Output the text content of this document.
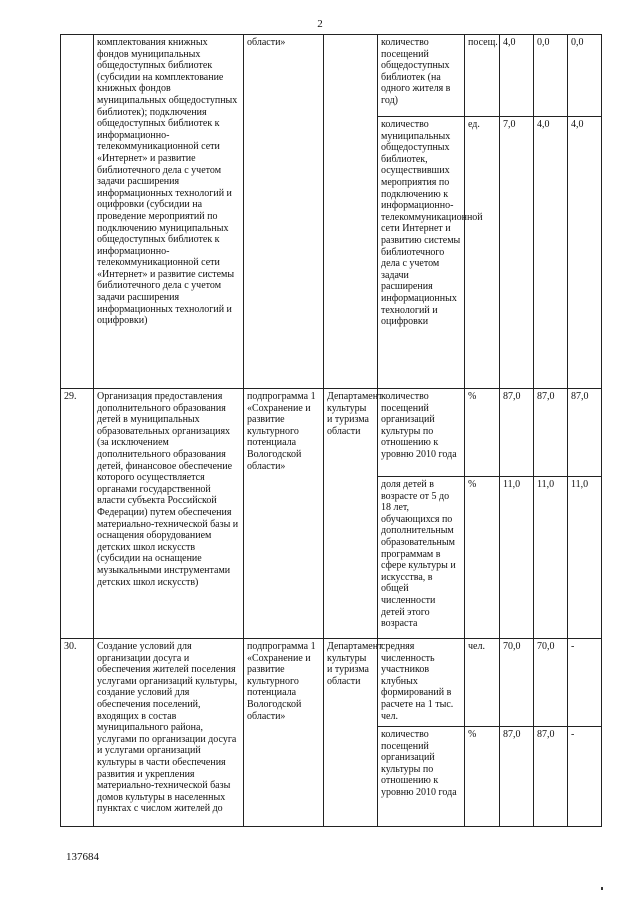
2
	комплектования книжных фондов муниципальных общедоступных библиотек (субсидии на комплектование книжных фондов муниципальных общедоступных библиотек); подключения общедоступных библиотек к информационно-телекоммуникационной сети «Интернет» и развитие библиотечного дела с учетом задачи расширения информационных технологий и оцифровки (субсидии на проведение мероприятий по подключению муниципальных общедоступных библиотек к информационно-телекоммуникационной сети «Интернет» и развитие системы библиотечного дела с учетом задачи расширения информационных технологий и оцифровки)	области»		количество посещений общедоступных библиотек (на одного жителя в год)	посещ.	4,0	0,0	0,0
				количество муниципальных общедоступных библиотек, осуществивших мероприятия по подключению к информационно-телекоммуникационной сети Интернет и развитию системы библиотечного дела с учетом задачи расширения информационных технологий и оцифровки	ед.	7,0	4,0	4,0
29.	Организация предоставления дополнительного образования детей в муниципальных образовательных организациях (за исключением дополнительного образования детей, финансовое обеспечение которого осуществляется органами государственной власти субъекта Российской Федерации) путем обеспечения материально-технической базы и оснащения оборудованием детских школ искусств (субсидии на оснащение музыкальными инструментами детских школ искусств)	подпрограмма 1 «Сохранение и развитие культурного потенциала Вологодской области»	Департамент культуры и туризма области	количество посещений организаций культуры по отношению к уровню 2010 года	%	87,0	87,0	87,0
				доля детей в возрасте от 5 до 18 лет, обучающихся по дополнительным образовательным программам в сфере культуры и искусства, в общей численности детей этого возраста	%	11,0	11,0	11,0
30.	Создание условий для организации досуга и обеспечения жителей поселения услугами организаций культуры, создание условий для обеспечения поселений, входящих в состав муниципального района, услугами по организации досуга и услугами организаций культуры в части обеспечения развития и укрепления материально-технической базы домов культуры в населенных пунктах с числом жителей до	подпрограмма 1 «Сохранение и развитие культурного потенциала Вологодской области»	Департамент культуры и туризма области	средняя численность участников клубных формирований в расчете на 1 тыс. чел.	чел.	70,0	70,0	-
				количество посещений организаций культуры по отношению к уровню 2010 года	%	87,0	87,0	-
137684
